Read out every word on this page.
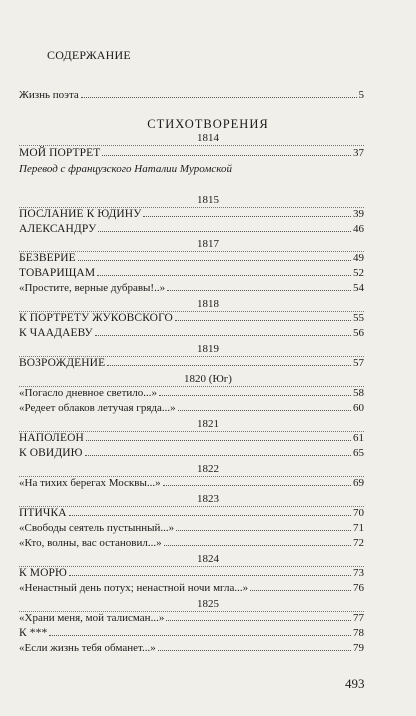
СОДЕРЖАНИЕ
Жизнь поэта	5
СТИХОТВОРЕНИЯ
1814
МОЙ ПОРТРЕТ	37
Перевод с французского Наталии Муромской
1815
ПОСЛАНИЕ К ЮДИНУ	39
АЛЕКСАНДРУ	46
1817
БЕЗВЕРИЕ	49
ТОВАРИЩАМ	52
«Простите, верные дубравы!..»	54
1818
К ПОРТРЕТУ ЖУКОВСКОГО	55
К ЧААДАЕВУ	56
1819
ВОЗРОЖДЕНИЕ	57
1820 (Юг)
«Погасло дневное светило...»	58
«Редеет облаков летучая гряда...»	60
1821
НАПОЛЕОН	61
К ОВИДИЮ	65
1822
«На тихих берегах Москвы...»	69
1823
ПТИЧКА	70
«Свободы сеятель пустынный...»	71
«Кто, волны, вас остановил...»	72
1824
К МОРЮ	73
«Ненастный день потух; ненастной ночи мгла...»	76
1825
«Храни меня, мой талисман...»	77
К ***	78
«Если жизнь тебя обманет...»	79
493
